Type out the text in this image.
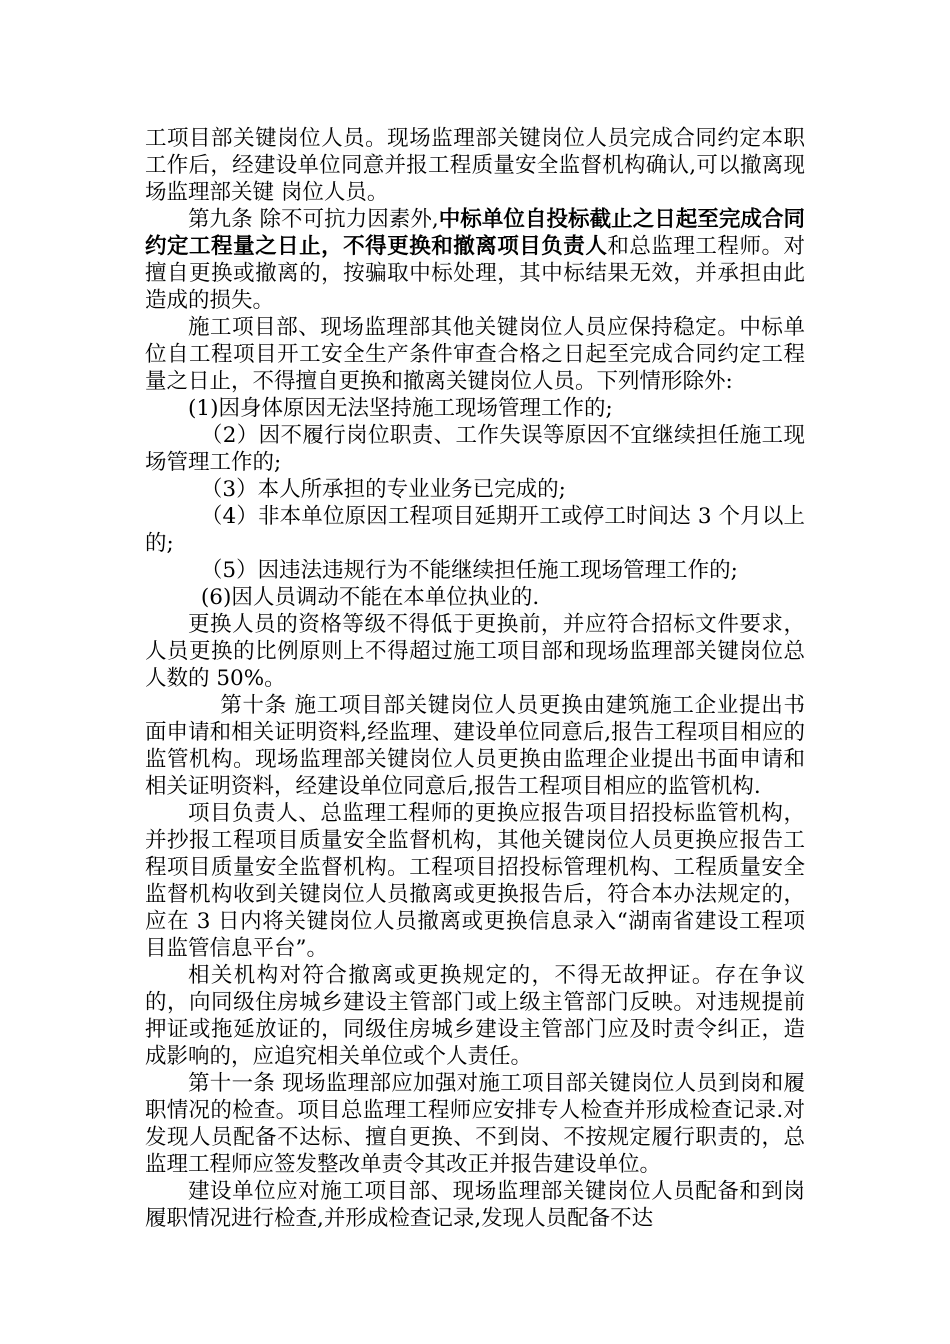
工项目部关键岗位人员。现场监理部关键岗位人员完成合同约定本职工作后，经建设单位同意并报工程质量安全监督机构确认,可以撤离现场监理部关键 岗位人员。

第九条 除不可抗力因素外,中标单位自投标截止之日起至完成合同约定工程量之日止，不得更换和撤离项目负责人和总监理工程师。对擅自更换或撤离的，按骗取中标处理，其中标结果无效，并承担由此造成的损失。

施工项目部、现场监理部其他关键岗位人员应保持稳定。中标单位自工程项目开工安全生产条件审查合格之日起至完成合同约定工程量之日止，不得擅自更换和撤离关键岗位人员。下列情形除外:

(1)因身体原因无法坚持施工现场管理工作的;

（2）因不履行岗位职责、工作失误等原因不宜继续担任施工现场管理工作的;

（3）本人所承担的专业业务已完成的;

（4）非本单位原因工程项目延期开工或停工时间达 3 个月以上的;

（5）因违法违规行为不能继续担任施工现场管理工作的;

(6)因人员调动不能在本单位执业的.

更换人员的资格等级不得低于更换前，并应符合招标文件要求，人员更换的比例原则上不得超过施工项目部和现场监理部关键岗位总人数的 50%。

第十条 施工项目部关键岗位人员更换由建筑施工企业提出书面申请和相关证明资料,经监理、建设单位同意后,报告工程项目相应的监管机构。现场监理部关键岗位人员更换由监理企业提出书面申请和相关证明资料，经建设单位同意后,报告工程项目相应的监管机构.

项目负责人、总监理工程师的更换应报告项目招投标监管机构，并抄报工程项目质量安全监督机构，其他关键岗位人员更换应报告工程项目质量安全监督机构。工程项目招投标管理机构、工程质量安全监督机构收到关键岗位人员撤离或更换报告后，符合本办法规定的，应在 3 日内将关键岗位人员撤离或更换信息录入“湖南省建设工程项目监管信息平台”。

相关机构对符合撤离或更换规定的，不得无故押证。存在争议的，向同级住房城乡建设主管部门或上级主管部门反映。对违规提前押证或拖延放证的，同级住房城乡建设主管部门应及时责令纠正，造成影响的，应追究相关单位或个人责任。

第十一条 现场监理部应加强对施工项目部关键岗位人员到岗和履职情况的检查。项目总监理工程师应安排专人检查并形成检查记录.对发现人员配备不达标、擅自更换、不到岗、不按规定履行职责的，总监理工程师应签发整改单责令其改正并报告建设单位。

建设单位应对施工项目部、现场监理部关键岗位人员配备和到岗履职情况进行检查,并形成检查记录,发现人员配备不达
